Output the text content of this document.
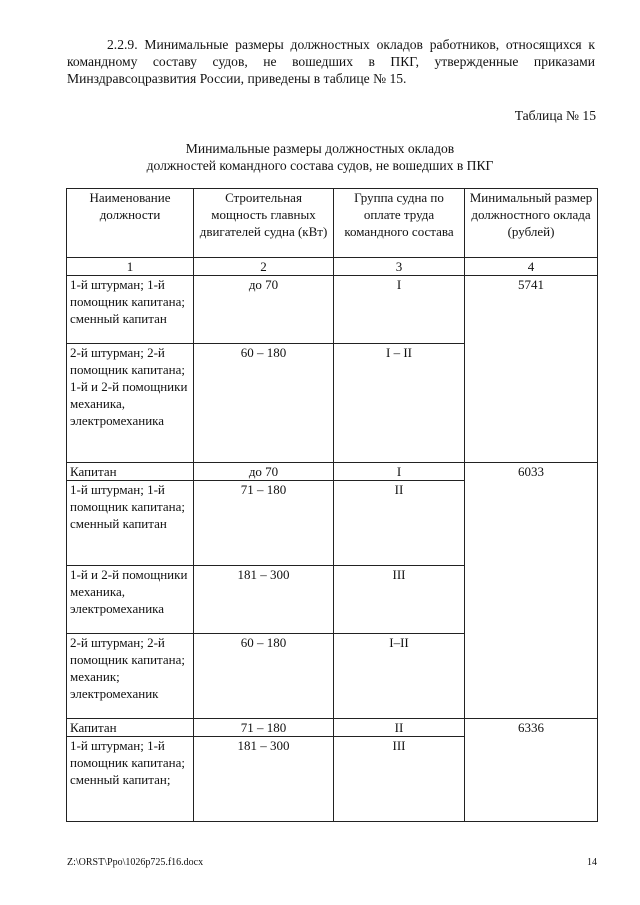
2.2.9. Минимальные размеры должностных окладов работников, относящихся к командному составу судов, не вошедших в ПКГ, утвержденные приказами Минздравсоцразвития России, приведены в таблице № 15.
Таблица № 15
Минимальные размеры должностных окладов
должностей командного состава судов, не вошедших в ПКГ
Наименование должности	Строительная мощность главных двигателей судна (кВт)	Группа судна по оплате труда командного состава	Минимальный размер должностного оклада (рублей)
1	2	3	4
1-й штурман; 1-й помощник капитана; сменный капитан	до 70	I	5741
2-й штурман; 2-й помощник капитана; 1-й и 2-й помощники механика, электромеханика	60 – 180	I – II	
Капитан	до 70	I	6033
1-й штурман; 1-й помощник капитана; сменный капитан	71 – 180	II	
1-й и 2-й помощники механика, электромеханика	181 – 300	III	
2-й штурман; 2-й помощник капитана; механик; электромеханик	60 – 180	I–II	
Капитан	71 – 180	II	6336
1-й штурман; 1-й помощник капитана; сменный капитан;	181 – 300	III	
Z:\ORST\Ppo\1026p725.f16.docx	14
